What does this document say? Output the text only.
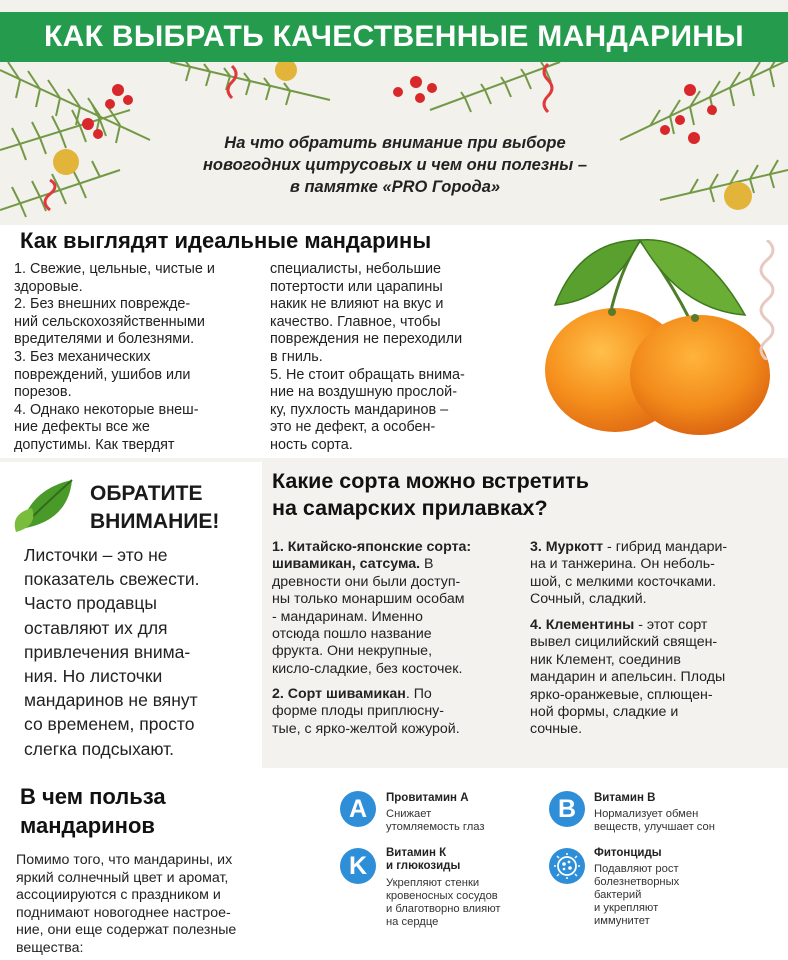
КАК ВЫБРАТЬ КАЧЕСТВЕННЫЕ МАНДАРИНЫ
На что обратить внимание при выборе
новогодних цитрусовых и чем они полезны –
в памятке «PRO Города»
Как выглядят идеальные мандарины
1. Свежие, цельные, чистые и
здоровые.
2. Без внешних поврежде-
ний сельскохозяйственными
вредителями и болезнями.
3. Без механических
повреждений, ушибов или
порезов.
4. Однако некоторые внеш-
ние дефекты все же
допустимы. Как твердят
специалисты, небольшие
потертости или царапины
накик не влияют на вкус и
качество. Главное, чтобы
повреждения не переходили
в гниль.
5. Не стоит обращать внима-
ние на воздушную прослой-
ку, пухлость мандаринов –
это не дефект, а особен-
ность сорта.
ОБРАТИТЕ
ВНИМАНИЕ!
Листочки – это не
показатель свежести.
Часто продавцы
оставляют их для
привлечения внима-
ния. Но листочки
мандаринов не вянут
со временем, просто
слегка подсыхают.
Какие сорта можно встретить
на самарских прилавках?
1. Китайско-японские сорта:
шивамикан, сатсума. В
древности они были доступ-
ны только монаршим особам
- мандаринам. Именно
отсюда пошло название
фрукта. Они некрупные,
кисло-сладкие, без косточек.
2. Сорт шивамикан. По
форме плоды приплюсну-
тые, с ярко-желтой кожурой.
3. Муркотт - гибрид мандари-
на и танжерина. Он неболь-
шой, с мелкими косточками.
Сочный, сладкий.
4. Клементины - этот сорт
вывел сицилийский священ-
ник Клемент, соединив
мандарин и апельсин. Плоды
ярко-оранжевые, сплющен-
ной формы, сладкие и
сочные.
В чем польза
мандаринов
Помимо того, что мандарины, их
яркий солнечный цвет и аромат,
ассоциируются с праздником и
поднимают новогоднее настрое-
ние, они еще содержат полезные
вещества:
A Провитамин А
Снижает
утомляемость глаз
B Витамин В
Нормализует обмен
веществ, улучшает сон
K Витамин К
и глюкозиды
Укрепляют стенки
кровеносных сосудов
и благотворно влияют
на сердце
Фитонциды
Подавляют рост
болезнетворных
бактерий
и укрепляют
иммунитет
